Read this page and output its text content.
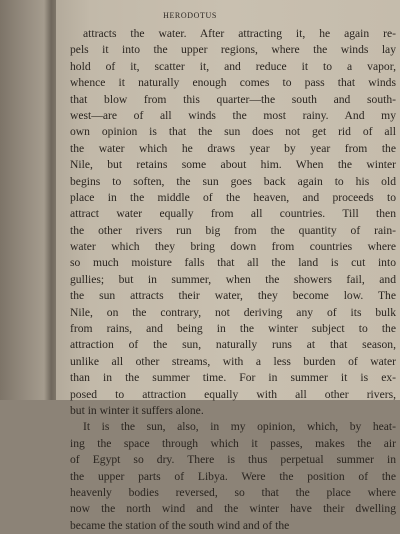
HERODOTUS
attracts the water. After attracting it, he again re-
pels it into the upper regions, where the winds lay
hold of it, scatter it, and reduce it to a vapor,
whence it naturally enough comes to pass that winds
that blow from this quarter—the south and south-
west—are of all winds the most rainy. And my
own opinion is that the sun does not get rid of all
the water which he draws year by year from the
Nile, but retains some about him. When the winter
begins to soften, the sun goes back again to his old
place in the middle of the heaven, and proceeds to
attract water equally from all countries. Till then
the other rivers run big from the quantity of rain-
water which they bring down from countries where
so much moisture falls that all the land is cut into
gullies; but in summer, when the showers fail, and
the sun attracts their water, they become low. The
Nile, on the contrary, not deriving any of its bulk
from rains, and being in the winter subject to the
attraction of the sun, naturally runs at that season,
unlike all other streams, with a less burden of water
than in the summer time. For in summer it is ex-
posed to attraction equally with all other rivers,
but in winter it suffers alone.
It is the sun, also, in my opinion, which, by heat-
ing the space through which it passes, makes the air
of Egypt so dry. There is thus perpetual summer in
the upper parts of Libya. Were the position of the
heavenly bodies reversed, so that the place where
now the north wind and the winter have their dwelling
became the station of the south wind and of the
